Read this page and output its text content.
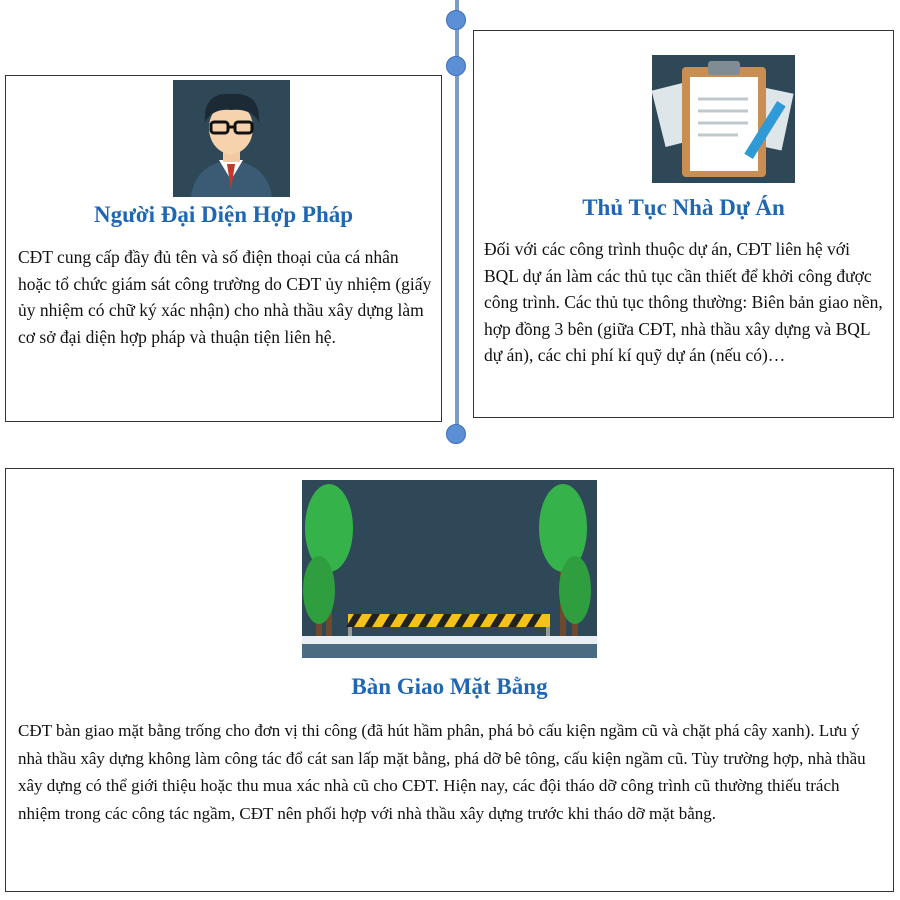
Người Đại Diện Hợp Pháp
CĐT cung cấp đầy đủ tên và số điện thoại của cá nhân hoặc tổ chức giám sát công trường do CĐT ủy nhiệm (giấy ủy nhiệm có chữ ký xác nhận) cho nhà thầu xây dựng làm cơ sở đại diện hợp pháp và thuận tiện liên hệ.
Thủ Tục Nhà Dự Án
Đối với các công trình thuộc dự án, CĐT liên hệ với BQL dự án làm các thủ tục cần thiết để khởi công được công trình. Các thủ tục thông thường: Biên bản giao nền, hợp đồng 3 bên (giữa CĐT, nhà thầu xây dựng và BQL dự án), các chi phí kí quỹ dự án (nếu có)…
Bàn Giao Mặt Bằng
CĐT bàn giao mặt bằng trống cho đơn vị thi công (đã hút hầm phân, phá bỏ cấu kiện ngầm cũ và chặt phá cây xanh). Lưu ý nhà thầu xây dựng không làm công tác đổ cát san lấp mặt bằng, phá dỡ bê tông, cấu kiện ngầm cũ. Tùy trường hợp, nhà thầu xây dựng có thể giới thiệu hoặc thu mua xác nhà cũ cho CĐT. Hiện nay, các đội tháo dỡ công trình cũ thường thiếu trách nhiệm trong các công tác ngầm, CĐT nên phối hợp với nhà thầu xây dựng trước khi tháo dỡ mặt bằng.
